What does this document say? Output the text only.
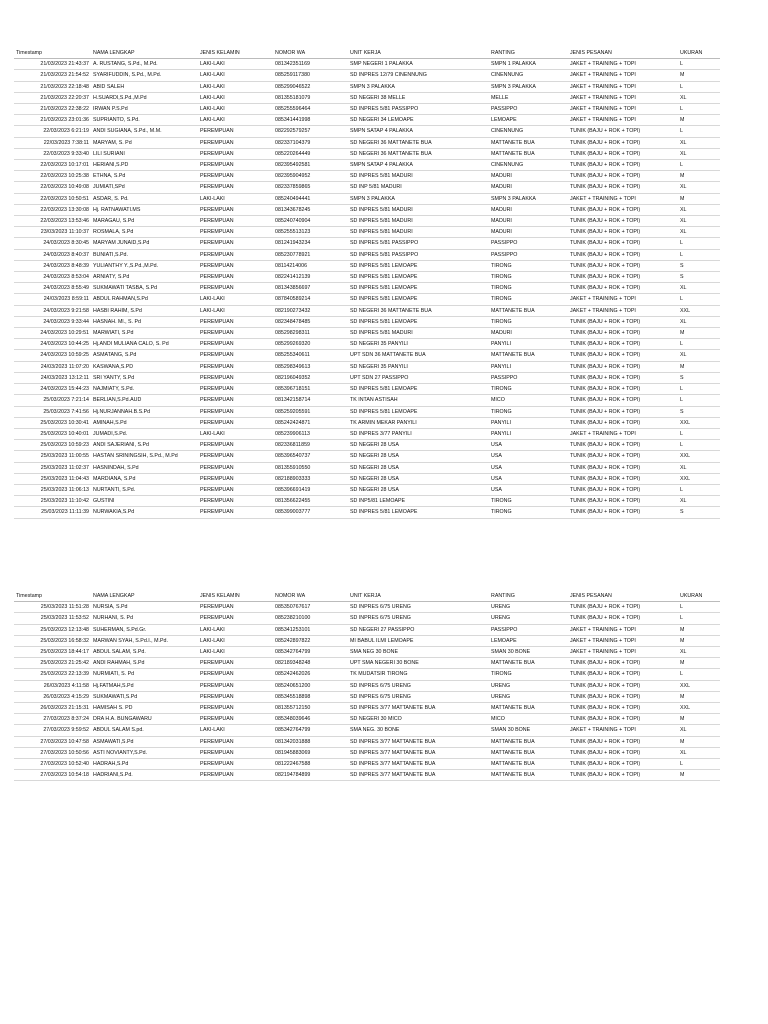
Timestamp	NAMA LENGKAP	JENIS KELAMIN	NOMOR WA	UNIT KERJA	RANTING	JENIS PESANAN	UKURAN
21/03/2023 21:43:37	A. RUSTANG, S.Pd., M.Pd.	LAKI-LAKI	081342351169	SMP NEGERI 1 PALAKKA	SMPN 1 PALAKKA	JAKET + TRAINING + TOPI	L
21/03/2023 21:54:52	SYARIFUDDIN, S.Pd., M.Pd.	LAKI-LAKI	085259117380	SD INPRES 12/79 CINENNUNG	CINENNUNG	JAKET + TRAINING + TOPI	M
21/03/2023 22:18:48	ABID SALEH	LAKI-LAKI	085299046522	SMPN 3 PALAKKA	SMPN 3 PALAKKA	JAKET + TRAINING + TOPI	L
21/03/2023 22:20:37	H.SUARDI,S.Pd.,M.Pd	LAKI-LAKI	081355181079	SD NEGERI 38 MELLE	MELLE	JAKET + TRAINING + TOPI	XL
21/03/2023 22:38:22	IRWAN P.S.Pd	LAKI-LAKI	085255596464	SD INPRES 5/81 PASSIPPO	PASSIPPO	JAKET + TRAINING + TOPI	L
21/03/2023 23:01:36	SUPRIANTO, S.Pd.	LAKI-LAKI	085341441998	SD NEGERI 34 LEMOAPE	LEMOAPE	JAKET + TRAINING + TOPI	M
22/03/2023 6:21:19	ANDI SUGIANA, S.Pd., M.M.	PEREMPUAN	082292579257	SMPN SATAP 4 PALAKKA	CINENNUNG	TUNIK (BAJU + ROK + TOPI)	L
22/03/2023 7:38:11	MARYAM, S. Pd	PEREMPUAN	082337104379	SD NEGERI 36 MATTANETE BUA	MATTANETE BUA	TUNIK (BAJU + ROK + TOPI)	XL
22/03/2023 9:33:40	LILI SURIANI	PEREMPUAN	085220264449	SD NEGERI 36 MATTANETE BUA	MATTANETE BUA	TUNIK (BAJU + ROK + TOPI)	XL
22/03/2023 10:17:01	HERIANI,S.PD	PEREMPUAN	082395492581	SMPN SATAP 4 PALAKKA	CINENNUNG	TUNIK (BAJU + ROK + TOPI)	L
22/03/2023 10:25:38	ETHNA, S.Pd	PEREMPUAN	082395904952	SD INPRES 5/81 MADURI	MADURI	TUNIK (BAJU + ROK + TOPI)	M
22/03/2023 10:49:08	JUMIATI,SPd	PEREMPUAN	082337859865	SD INP 5/81 MADURI	MADURI	TUNIK (BAJU + ROK + TOPI)	XL
22/03/2023 10:50:51	ASDAR, S. Pd.	LAKI-LAKI	085240494441	SMPN 3 PALAKKA	SMPN 3 PALAKKA	JAKET + TRAINING + TOPI	M
22/03/2023 13:30:08	Hj. RATNAWATI.MS	PEREMPUAN	081343678245	SD INPRES 5/81 MADURI	MADURI	TUNIK (BAJU + ROK + TOPI)	XL
22/03/2023 13:53:46	MARAGAU, S.Pd	PEREMPUAN	085240740904	SD INPRES 5/81 MADURI	MADURI	TUNIK (BAJU + ROK + TOPI)	XL
23/03/2023 11:10:37	ROSMALA, S.Pd	PEREMPUAN	085255513123	SD INPRES 5/81 MADURI	MADURI	TUNIK (BAJU + ROK + TOPI)	XL
24/03/2023 8:30:45	MARYAM JUNAID,S.Pd	PEREMPUAN	081241943234	SD INPRES 5/81 PASSIPPO	PASSIPPO	TUNIK (BAJU + ROK + TOPI)	L
24/03/2023 8:40:37	BUNIATI,S.Pd.	PEREMPUAN	085230778921	SD INPRES 5/81 PASSIPPO	PASSIPPO	TUNIK (BAJU + ROK + TOPI)	L
24/03/2023 8:48:39	YULIANTHY Y.,S.Pd.,M.Pd.	PEREMPUAN	08114214006	SD INPRES 5/81 LEMOAPE	TIRONG	TUNIK (BAJU + ROK + TOPI)	S
24/03/2023 8:53:04	ARNIATY, S.Pd	PEREMPUAN	082241412139	SD INPRES 5/81 LEMOAPE	TIRONG	TUNIK (BAJU + ROK + TOPI)	S
24/03/2023 8:55:49	SUKMAWATI TASBA, S.Pd	PEREMPUAN	081343856697	SD INPRES 5/81 LEMOAPE	TIRONG	TUNIK (BAJU + ROK + TOPI)	XL
24/03/2023 8:59:11	ABDUL RAHMAN,S.Pd	LAKI-LAKI	087840589214	SD INPRES 5/81 LEMOAPE	TIRONG	JAKET + TRAINING + TOPI	L
24/03/2023 9:21:58	HASBI RAHIM, S.Pd	LAKI-LAKI	082190273432	SD NEGERI 36 MATTANETE BUA	MATTANETE BUA	JAKET + TRAINING + TOPI	XXL
24/03/2023 9:33:44	HASNAH. Ml., S. Pd	PEREMPUAN	082348478485	SD INPRES 5/81 LEMOAPE	TIRONG	TUNIK (BAJU + ROK + TOPI)	XL
24/03/2023 10:29:51	MARWIATI, S.Pd	PEREMPUAN	085298298311	SD INPRES 5/81 MADURI	MADURI	TUNIK (BAJU + ROK + TOPI)	M
24/03/2023 10:44:25	Hj.ANDI MULIANA CALO, S. Pd	PEREMPUAN	085299269320	SD NEGERI 35 PANYILI	PANYILI	TUNIK (BAJU + ROK + TOPI)	L
24/03/2023 10:59:25	ASMATANG, S.Pd	PEREMPUAN	085255340611	UPT SDN 36 MATTANETE BUA	MATTANETE BUA	TUNIK (BAJU + ROK + TOPI)	XL
24/03/2023 11:07:20	KASWANA,S.PD	PEREMPUAN	085298349613	SD NEGERI 35 PANYILI	PANYILI	TUNIK (BAJU + ROK + TOPI)	M
24/03/2023 13:12:11	SRI YANTY, S.Pd	PEREMPUAN	082196049352	UPT SDN 27 PASSIPPO	PASSIPPO	TUNIK (BAJU + ROK + TOPI)	S
24/03/2023 15:44:23	NAJMIATY, S.Pd.	PEREMPUAN	085396718151	SD INPRES 5/81 LEMOAPE	TIRONG	TUNIK (BAJU + ROK + TOPI)	L
25/03/2023 7:21:14	BERLIAN,S.Pd.AUD	PEREMPUAN	081342158714	TK INTAN ASTISAH	MICO	TUNIK (BAJU + ROK + TOPI)	L
25/03/2023 7:41:56	Hj.NURJANNAH.B.S.Pd	PEREMPUAN	085259205591	SD INPRES 5/81 LEMOAPE	TIRONG	TUNIK (BAJU + ROK + TOPI)	S
25/03/2023 10:30:41	AMINAH,S.Pd	PEREMPUAN	085242424871	TK ARMIN MEKAR PANYILI	PANYILI	TUNIK (BAJU + ROK + TOPI)	XXL
25/03/2023 10:40:01	JUMADI,S.Pd.	LAKI-LAKI	085239906113	SD INPRES 3/77 PANYILI	PANYILI	JAKET + TRAINING + TOPI	L
25/03/2023 10:59:23	ANDI SAJERIANI, S.Pd	PEREMPUAN	082336811859	SD NEGERI 28 USA	USA	TUNIK (BAJU + ROK + TOPI)	L
25/03/2023 11:00:55	HASTAN SRININGSIH, S.Pd., M.Pd	PEREMPUAN	085396540737	SD NEGERI 28 USA	USA	TUNIK (BAJU + ROK + TOPI)	XXL
25/03/2023 11:02:37	HASNINDAH, S.Pd	PEREMPUAN	081355910550	SD NEGERI 28 USA	USA	TUNIK (BAJU + ROK + TOPI)	XL
25/03/2023 11:04:43	MARDIANA, S.Pd	PEREMPUAN	082188903333	SD NEGERI 28 USA	USA	TUNIK (BAJU + ROK + TOPI)	XXL
25/03/2023 11:06:13	NURTANTI, S.Pd.	PEREMPUAN	085396691419	SD NEGERI 28 USA	USA	TUNIK (BAJU + ROK + TOPI)	L
25/03/2023 11:10:42	GUSTINI	PEREMPUAN	081356622455	SD INP5/81 LEMOAPE	TIRONG	TUNIK (BAJU + ROK + TOPI)	XL
25/03/2023 11:11:39	NURWAKIA,S.Pd	PEREMPUAN	085399003777	SD INPRES 5/81 LEMOAPE	TIRONG	TUNIK (BAJU + ROK + TOPI)	S
Timestamp	NAMA LENGKAP	JENIS KELAMIN	NOMOR WA	UNIT KERJA	RANTING	JENIS PESANAN	UKURAN
25/03/2023 11:51:28	NURSIA, S.Pd	PEREMPUAN	085350767617	SD INPRES 6/75 URENG	URENG	TUNIK (BAJU + ROK + TOPI)	L
25/03/2023 11:53:52	NURHANI, S. Pd	PEREMPUAN	085238210100	SD INPRES 6/75 URENG	URENG	TUNIK (BAJU + ROK + TOPI)	L
25/03/2023 12:13:48	SUHERMAN, S.Pd.Gr.	LAKI-LAKI	085341253101	SD NEGERI 27 PASSIPPO	PASSIPPO	JAKET + TRAINING + TOPI	M
25/03/2023 16:58:32	MARWAN SYAH, S.Pd.I., M.Pd.	LAKI-LAKI	085242897822	MI BABUL ILMI LEMOAPE	LEMOAPE	JAKET + TRAINING + TOPI	M
25/03/2023 18:44:17	ABDUL SALAM, S.Pd.	LAKI-LAKI	085342764799	SMA NEG 30 BONE	SMAN 30 BONE	JAKET + TRAINING + TOPI	XL
25/03/2023 21:25:42	ANDI RAHMAH, S.Pd	PEREMPUAN	082189348248	UPT SMA NEGERI 30 BONE	MATTANETE BUA	TUNIK (BAJU + ROK + TOPI)	M
25/03/2023 22:13:39	NURMIATI, S. Pd	PEREMPUAN	085242462026	TK MUDATSIR TIRONG	TIRONG	TUNIK (BAJU + ROK + TOPI)	L
26/03/2023 4:11:58	Hj.FATMAH,S.Pd	PEREMPUAN	085240651200	SD INPRES 6/75 URENG	URENG	TUNIK (BAJU + ROK + TOPI)	XXL
26/03/2023 4:15:29	SUKMAWATI,S.Pd	PEREMPUAN	085345518898	SD INPRES 6/75 URENG	URENG	TUNIK (BAJU + ROK + TOPI)	M
26/03/2023 21:15:31	HAMISAH S. PD	PEREMPUAN	081355712150	SD INPRES 3/77 MATTANETE BUA	MATTANETE BUA	TUNIK (BAJU + ROK + TOPI)	XXL
27/03/2023 8:37:24	DRA H.A. BUNGAWARU	PEREMPUAN	085348039646	SD NEGERI 30 MICO	MICO	TUNIK (BAJU + ROK + TOPI)	M
27/03/2023 9:59:52	ABDUL SALAM S.pd.	LAKI-LAKI	085342764799	SMA NEG. 30 BONE	SMAN 30 BONE	JAKET + TRAINING + TOPI	XL
27/03/2023 10:47:58	ASMAWATI,S.Pd	PEREMPUAN	081342031888	SD INPRES 3/77 MATTANETE BUA	MATTANETE BUA	TUNIK (BAJU + ROK + TOPI)	M
27/03/2023 10:50:56	ASTI NOVIANTY,S.Pd.	PEREMPUAN	081945883069	SD INPRES 3/77 MATTANETE BUA	MATTANETE BUA	TUNIK (BAJU + ROK + TOPI)	XL
27/03/2023 10:52:40	HADRAH,S.Pd	PEREMPUAN	081222467588	SD INPRES 3/77 MATTANETE BUA	MATTANETE BUA	TUNIK (BAJU + ROK + TOPI)	L
27/03/2023 10:54:18	HADRIANI,S.Pd.	PEREMPUAN	082194784899	SD INPRES 3/77 MATTANETE BUA	MATTANETE BUA	TUNIK (BAJU + ROK + TOPI)	M
